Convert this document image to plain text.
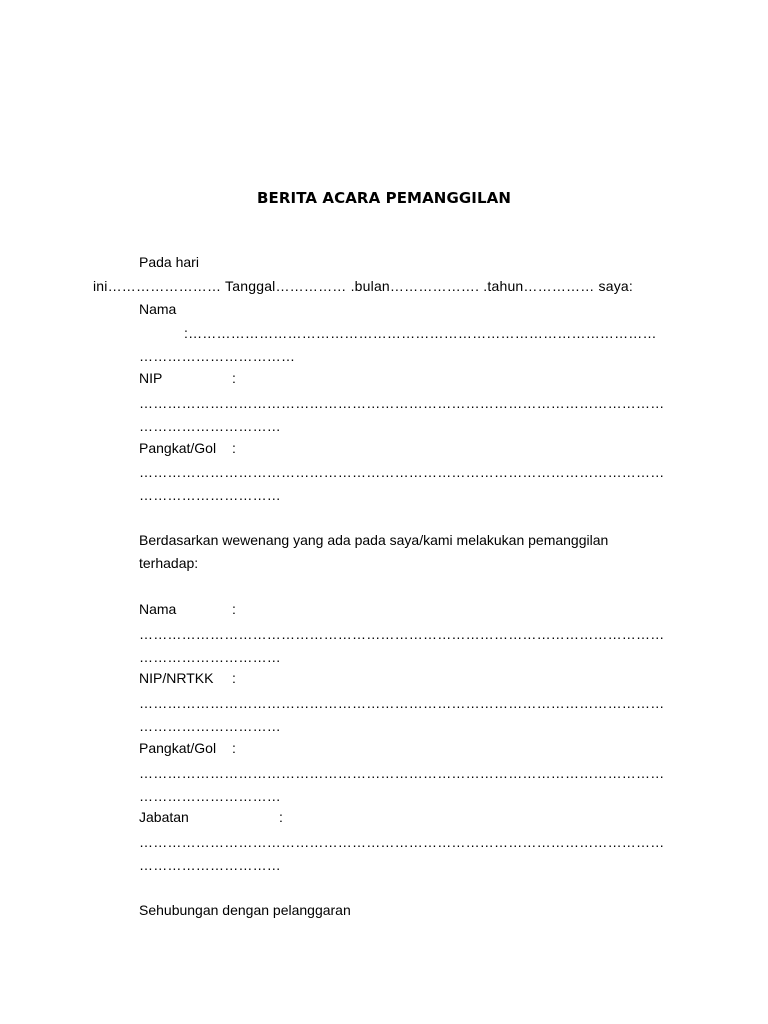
BERITA ACARA PEMANGGILAN
Pada hari
ini…………………… Tanggal…………… .bulan………………. .tahun…………… saya:
Nama
:………………………………………………………………………………………
……………………………
NIP	:
…………………………………………………………………………………………………
…………………………
Pangkat/Gol :
…………………………………………………………………………………………………
…………………………
Berdasarkan wewenang yang ada pada saya/kami melakukan pemanggilan
terhadap:
Nama	:
…………………………………………………………………………………………………
…………………………
NIP/NRTKK :
…………………………………………………………………………………………………
…………………………
Pangkat/Gol :
…………………………………………………………………………………………………
…………………………
Jabatan	:
…………………………………………………………………………………………………
…………………………
Sehubungan dengan pelanggaran
